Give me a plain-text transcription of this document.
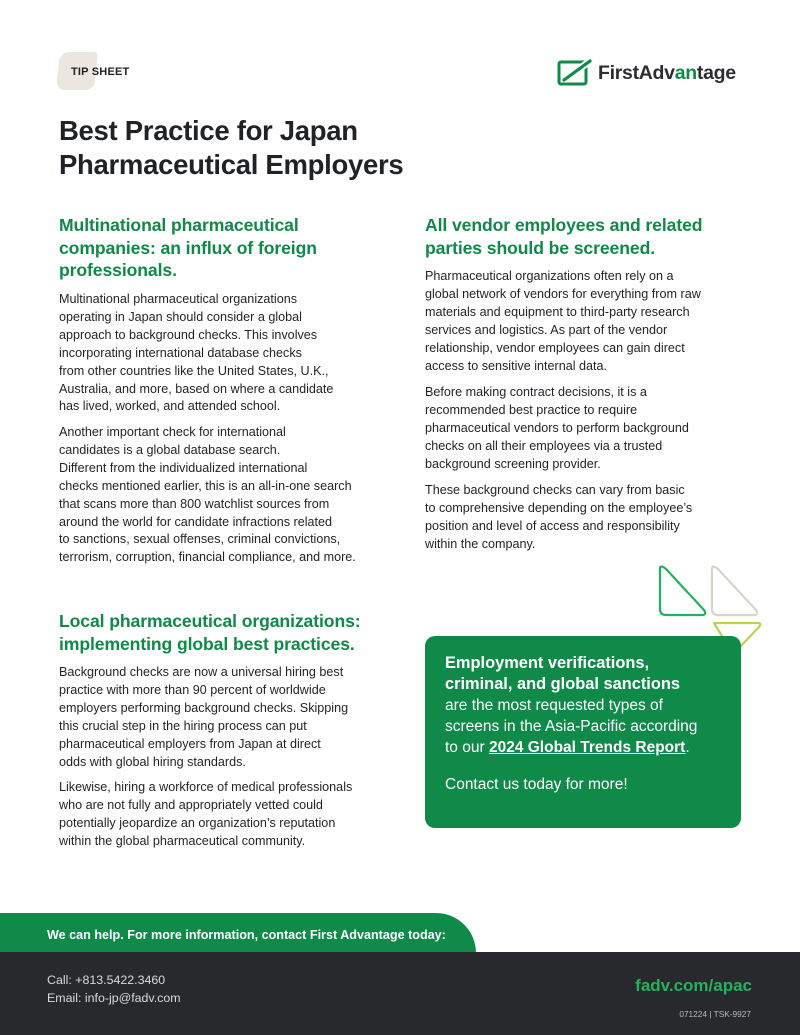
TIP SHEET	FirstAdvantage
Best Practice for Japan
Pharmaceutical Employers
Multinational pharmaceutical
companies: an influx of foreign
professionals.

Multinational pharmaceutical organizations
operating in Japan should consider a global
approach to background checks. This involves
incorporating international database checks
from other countries like the United States, U.K.,
Australia, and more, based on where a candidate
has lived, worked, and attended school.

Another important check for international
candidates is a global database search.
Different from the individualized international
checks mentioned earlier, this is an all-in-one search
that scans more than 800 watchlist sources from
around the world for candidate infractions related
to sanctions, sexual offenses, criminal convictions,
terrorism, corruption, financial compliance, and more.

Local pharmaceutical organizations:
implementing global best practices.

Background checks are now a universal hiring best
practice with more than 90 percent of worldwide
employers performing background checks. Skipping
this crucial step in the hiring process can put
pharmaceutical employers from Japan at direct
odds with global hiring standards.

Likewise, hiring a workforce of medical professionals
who are not fully and appropriately vetted could
potentially jeopardize an organization’s reputation
within the global pharmaceutical community.

All vendor employees and related
parties should be screened.

Pharmaceutical organizations often rely on a
global network of vendors for everything from raw
materials and equipment to third-party research
services and logistics. As part of the vendor
relationship, vendor employees can gain direct
access to sensitive internal data.

Before making contract decisions, it is a
recommended best practice to require
pharmaceutical vendors to perform background
checks on all their employees via a trusted
background screening provider.

These background checks can vary from basic
to comprehensive depending on the employee’s
position and level of access and responsibility
within the company.

Employment verifications,
criminal, and global sanctions
are the most requested types of
screens in the Asia-Pacific according
to our 2024 Global Trends Report.
Contact us today for more!
We can help. For more information, contact First Advantage today:
Call: +813.5422.3460
Email: info-jp@fadv.com
fadv.com/apac
071224 | TSK-9927
